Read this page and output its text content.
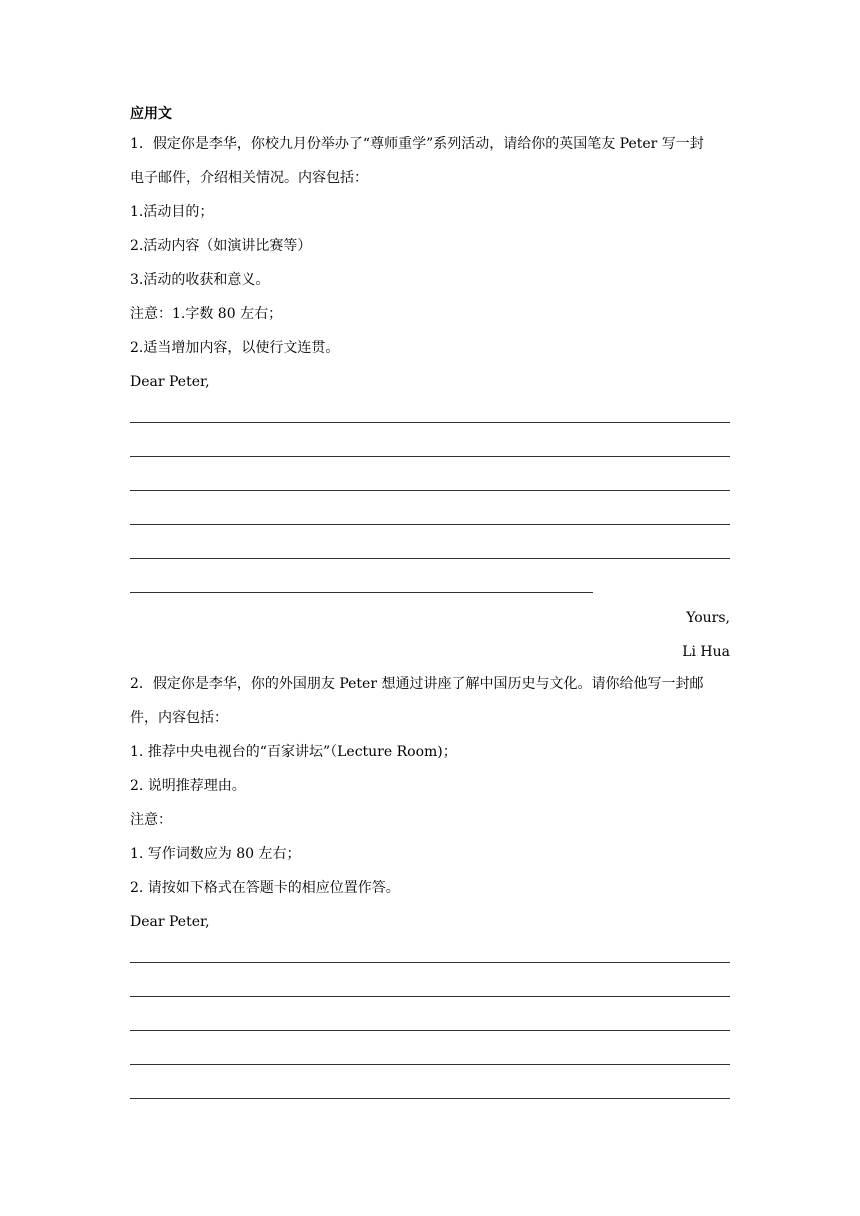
应用文
1．假定你是李华，你校九月份举办了“尊师重学”系列活动，请给你的英国笔友 Peter 写一封
电子邮件，介绍相关情况。内容包括：
1.活动目的；
2.活动内容（如演讲比赛等）
3.活动的收获和意义。
注意：1.字数 80 左右；
2.适当增加内容，以使行文连贯。
Dear Peter,
Yours,
Li Hua
2．假定你是李华，你的外国朋友 Peter 想通过讲座了解中国历史与文化。请你给他写一封邮
件，内容包括：
1. 推荐中央电视台的“百家讲坛”（Lecture Room)；
2. 说明推荐理由。
注意：
1. 写作词数应为 80 左右；
2. 请按如下格式在答题卡的相应位置作答。
Dear Peter,
